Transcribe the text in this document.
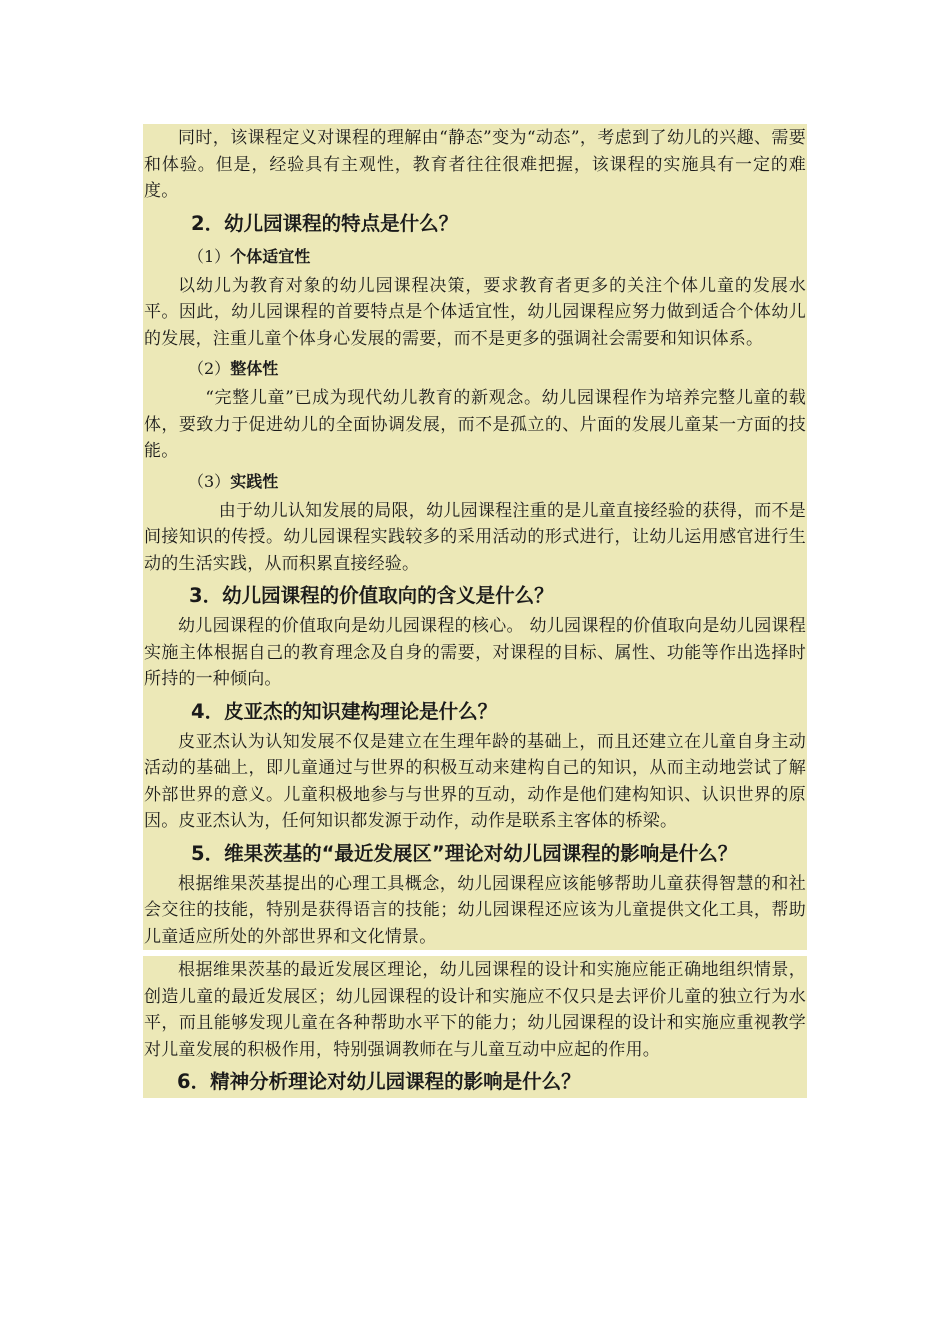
同时，该课程定义对课程的理解由“静态”变为“动态”，考虑到了幼儿的兴趣、需要和体验。但是，经验具有主观性，教育者往往很难把握，该课程的实施具有一定的难度。
2．幼儿园课程的特点是什么？
（1）个体适宜性
以幼儿为教育对象的幼儿园课程决策，要求教育者更多的关注个体儿童的发展水平。因此，幼儿园课程的首要特点是个体适宜性，幼儿园课程应努力做到适合个体幼儿的发展，注重儿童个体身心发展的需要，而不是更多的强调社会需要和知识体系。
（2）整体性
“完整儿童”已成为现代幼儿教育的新观念。幼儿园课程作为培养完整儿童的载体，要致力于促进幼儿的全面协调发展，而不是孤立的、片面的发展儿童某一方面的技能。
（3）实践性
由于幼儿认知发展的局限，幼儿园课程注重的是儿童直接经验的获得，而不是间接知识的传授。幼儿园课程实践较多的采用活动的形式进行，让幼儿运用感官进行生动的生活实践，从而积累直接经验。
3．幼儿园课程的价值取向的含义是什么？
幼儿园课程的价值取向是幼儿园课程的核心。 幼儿园课程的价值取向是幼儿园课程实施主体根据自己的教育理念及自身的需要，对课程的目标、属性、功能等作出选择时所持的一种倾向。
4．皮亚杰的知识建构理论是什么？
皮亚杰认为认知发展不仅是建立在生理年龄的基础上，而且还建立在儿童自身主动活动的基础上，即儿童通过与世界的积极互动来建构自己的知识，从而主动地尝试了解外部世界的意义。儿童积极地参与与世界的互动，动作是他们建构知识、认识世界的原因。皮亚杰认为，任何知识都发源于动作，动作是联系主客体的桥梁。
5．维果茨基的“最近发展区”理论对幼儿园课程的影响是什么？
根据维果茨基提出的心理工具概念，幼儿园课程应该能够帮助儿童获得智慧的和社会交往的技能，特别是获得语言的技能；幼儿园课程还应该为儿童提供文化工具，帮助儿童适应所处的外部世界和文化情景。
根据维果茨基的最近发展区理论，幼儿园课程的设计和实施应能正确地组织情景，创造儿童的最近发展区；幼儿园课程的设计和实施应不仅只是去评价儿童的独立行为水平，而且能够发现儿童在各种帮助水平下的能力；幼儿园课程的设计和实施应重视教学对儿童发展的积极作用，特别强调教师在与儿童互动中应起的作用。
6．精神分析理论对幼儿园课程的影响是什么？
